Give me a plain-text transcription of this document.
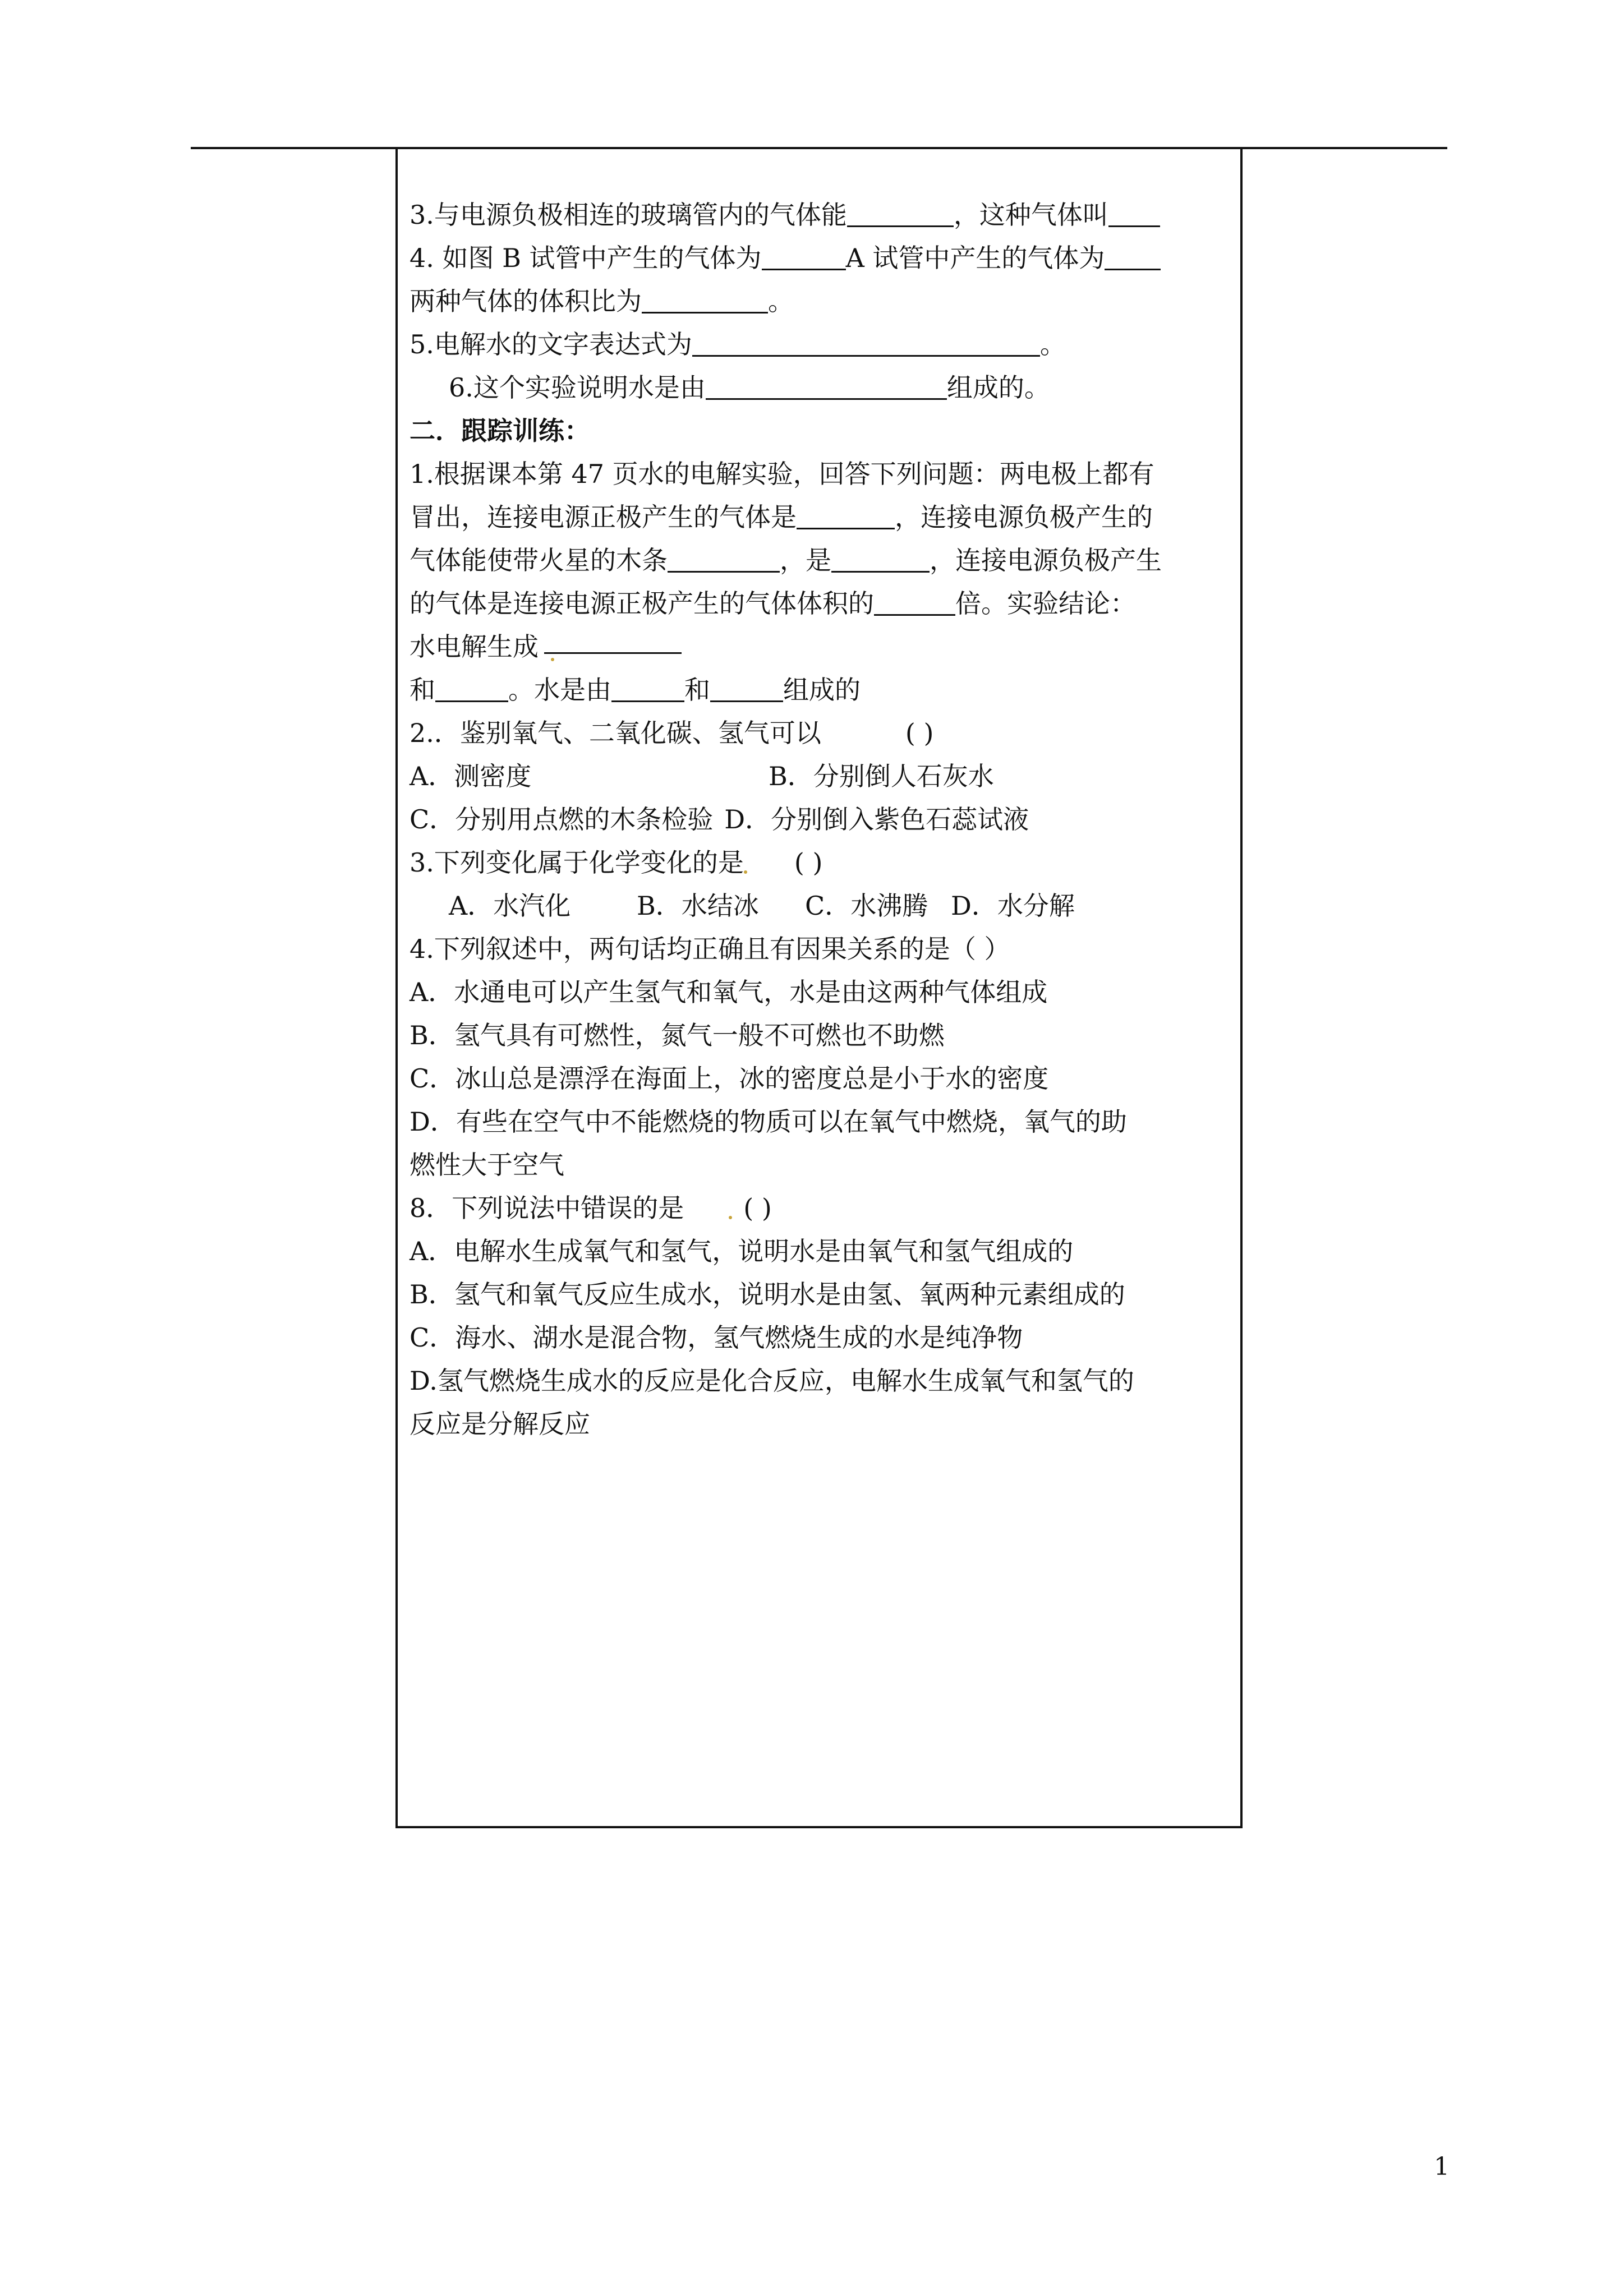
3.与电源负极相连的玻璃管内的气体能	，这种气体叫
4. 如图 B 试管中产生的气体为	A 试管中产生的气体为
两种气体的体积比为	。
5.电解水的文字表达式为	。
6.这个实验说明水是由	组成的。
二．跟踪训练：
1.根据课本第 47 页水的电解实验，回答下列问题：两电极上都有
冒出，连接电源正极产生的气体是	，连接电源负极产生的
气体能使带火星的木条	，是	，连接电源负极产生
的气体是连接电源正极产生的气体体积的	倍。实验结论：
水电解生成
和	。水是由	和	组成的
2.．鉴别氧气、二氧化碳、氢气可以	( )
A．测密度	B．分别倒人石灰水
C．分别用点燃的木条检验 D．分别倒入紫色石蕊试液
3.下列变化属于化学变化的是 ( )
A．水汽化	B．水结冰 C．水沸腾 D．水分解
4.下列叙述中，两句话均正确且有因果关系的是（ ）
A．水通电可以产生氢气和氧气，水是由这两种气体组成
B．氢气具有可燃性，氮气一般不可燃也不助燃
C．冰山总是漂浮在海面上，冰的密度总是小于水的密度
D．有些在空气中不能燃烧的物质可以在氧气中燃烧，氧气的助
燃性大于空气
8．下列说法中错误的是 ( )
A．电解水生成氧气和氢气，说明水是由氧气和氢气组成的
B．氢气和氧气反应生成水，说明水是由氢、氧两种元素组成的
C．海水、湖水是混合物，氢气燃烧生成的水是纯净物
D.氢气燃烧生成水的反应是化合反应，电解水生成氧气和氢气的
反应是分解反应
1
